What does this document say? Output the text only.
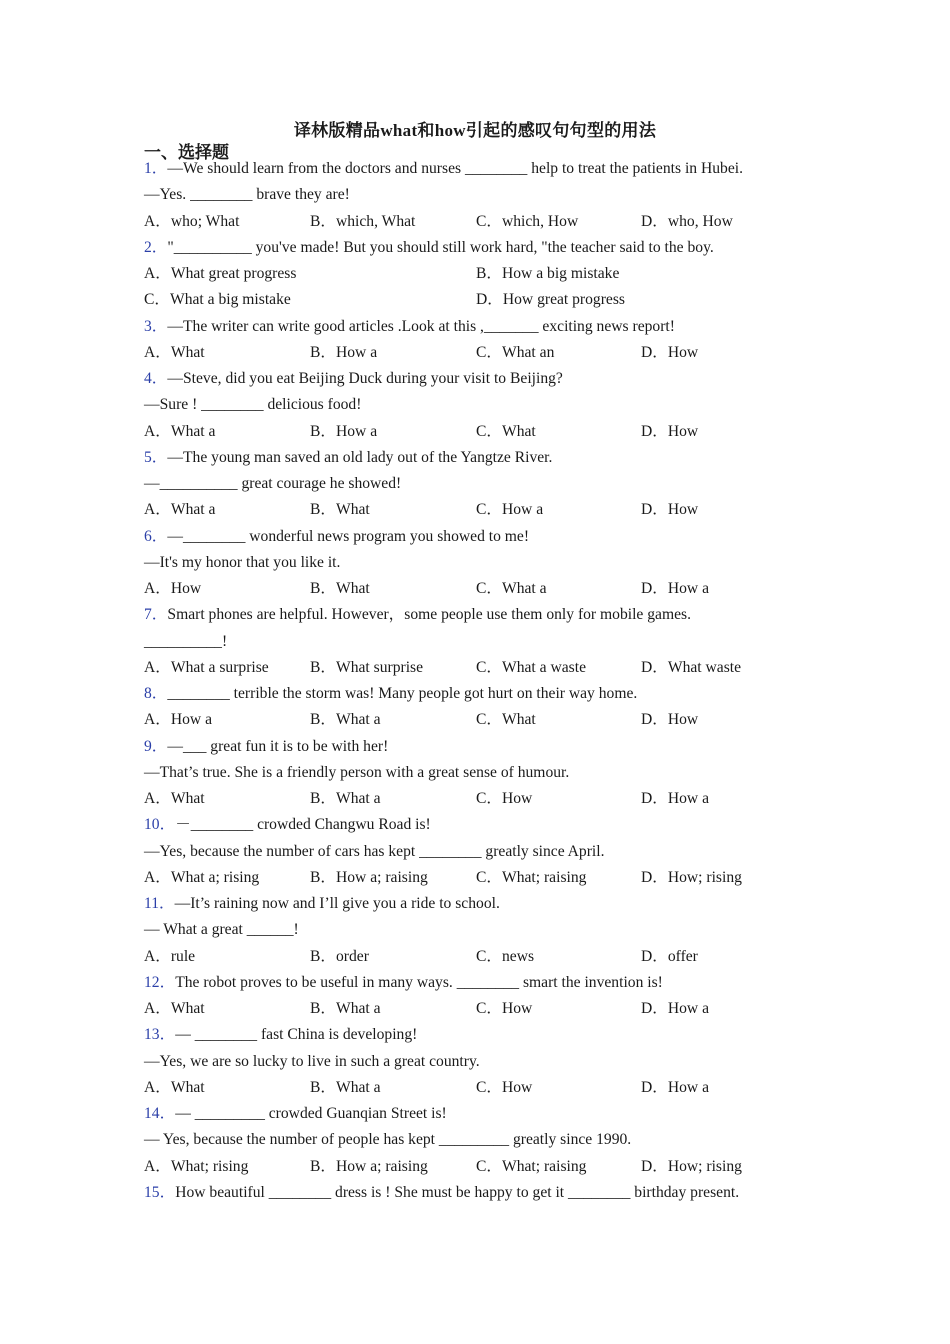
译林版精品what和how引起的感叹句句型的用法
一、选择题
1．—We should learn from the doctors and nurses ________ help to treat the patients in Hubei.
—Yes. ________ brave they are!
A．who; What	B．which, What	C．which, How	D．who, How
2．"__________ you've made! But you should still work hard, "the teacher said to the boy.
A．What great progress	B．How a big mistake
C．What a big mistake	D．How great progress
3．—The writer can write good articles .Look at this ,_______ exciting news report!
A．What	B．How a	C．What an	D．How
4．—Steve, did you eat Beijing Duck during your visit to Beijing?
—Sure ! ________ delicious food!
A．What a	B．How a	C．What	D．How
5．—The young man saved an old lady out of the Yangtze River.
—__________ great courage he showed!
A．What a	B．What	C．How a	D．How
6．—________ wonderful news program you showed to me!
—It's my honor that you like it.
A．How	B．What	C．What a	D．How a
7．Smart phones are helpful. However，some people use them only for mobile games.
__________!
A．What a surprise	B．What surprise	C．What a waste	D．What waste
8．________ terrible the storm was! Many people got hurt on their way home.
A．How a	B．What a	C．What	D．How
9．—___ great fun it is to be with her!
—That’s true. She is a friendly person with a great sense of humour.
A．What	B．What a	C．How	D．How a
10．－________ crowded Changwu Road is!
—Yes, because the number of cars has kept ________ greatly since April.
A．What a; rising	B．How a; raising	C．What; raising	D．How; rising
11．—It’s raining now and I’ll give you a ride to school.
— What a great ______!
A．rule	B．order	C．news	D．offer
12．The robot proves to be useful in many ways. ________ smart the invention is!
A．What	B．What a	C．How	D．How a
13．— ________ fast China is developing!
—Yes, we are so lucky to live in such a great country.
A．What	B．What a	C．How	D．How a
14．— _________ crowded Guanqian Street is!
— Yes, because the number of people has kept _________ greatly since 1990.
A．What; rising	B．How a; raising	C．What; raising	D．How; rising
15．How beautiful ________ dress is ! She must be happy to get it ________ birthday present.
